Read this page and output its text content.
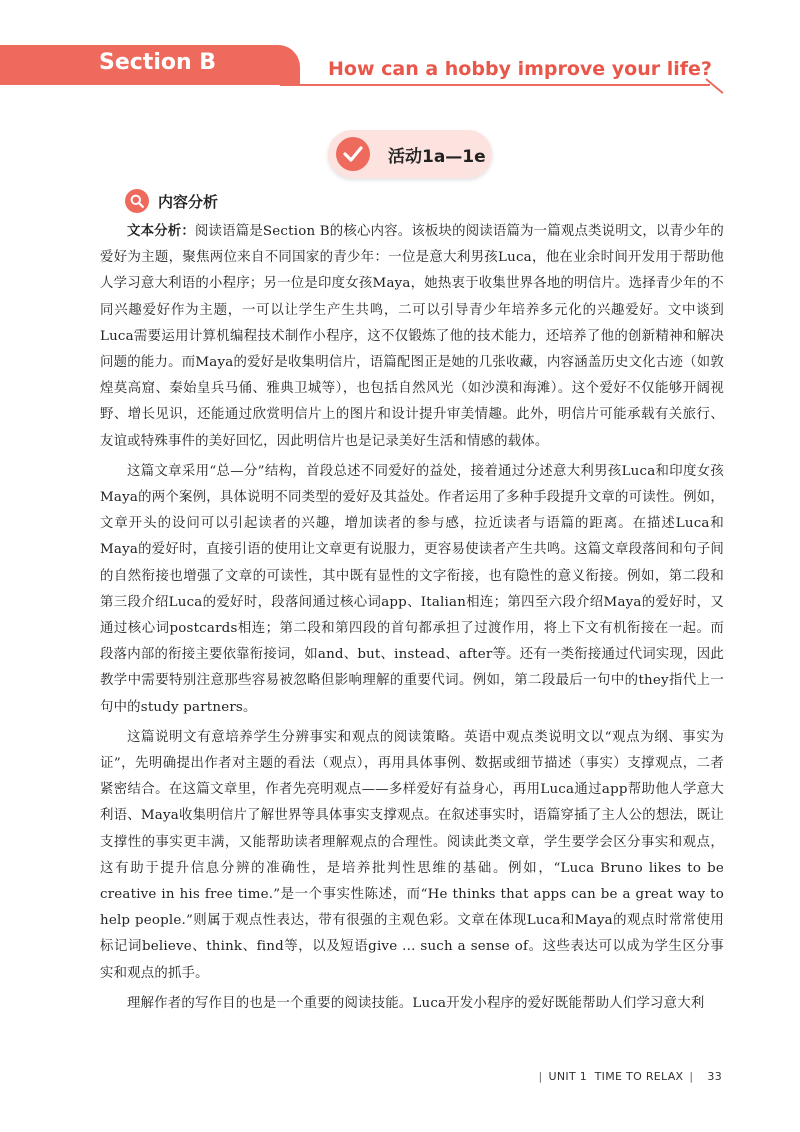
Section B	How can a hobby improve your life?
活动1a—1e
内容分析

文本分析：阅读语篇是Section B的核心内容。该板块的阅读语篇为一篇观点类说明文，以青少年的爱好为主题，聚焦两位来自不同国家的青少年：一位是意大利男孩Luca，他在业余时间开发用于帮助他人学习意大利语的小程序；另一位是印度女孩Maya，她热衷于收集世界各地的明信片。选择青少年的不同兴趣爱好作为主题，一可以让学生产生共鸣，二可以引导青少年培养多元化的兴趣爱好。文中谈到Luca需要运用计算机编程技术制作小程序，这不仅锻炼了他的技术能力，还培养了他的创新精神和解决问题的能力。而Maya的爱好是收集明信片，语篇配图正是她的几张收藏，内容涵盖历史文化古迹（如敦煌莫高窟、秦始皇兵马俑、雅典卫城等），也包括自然风光（如沙漠和海滩）。这个爱好不仅能够开阔视野、增长见识，还能通过欣赏明信片上的图片和设计提升审美情趣。此外，明信片可能承载有关旅行、友谊或特殊事件的美好回忆，因此明信片也是记录美好生活和情感的载体。

这篇文章采用“总—分”结构，首段总述不同爱好的益处，接着通过分述意大利男孩Luca和印度女孩Maya的两个案例，具体说明不同类型的爱好及其益处。作者运用了多种手段提升文章的可读性。例如，文章开头的设问可以引起读者的兴趣，增加读者的参与感，拉近读者与语篇的距离。在描述Luca和Maya的爱好时，直接引语的使用让文章更有说服力，更容易使读者产生共鸣。这篇文章段落间和句子间的自然衔接也增强了文章的可读性，其中既有显性的文字衔接，也有隐性的意义衔接。例如，第二段和第三段介绍Luca的爱好时，段落间通过核心词app、Italian相连；第四至六段介绍Maya的爱好时，又通过核心词postcards相连；第二段和第四段的首句都承担了过渡作用，将上下文有机衔接在一起。而段落内部的衔接主要依靠衔接词，如and、but、instead、after等。还有一类衔接通过代词实现，因此教学中需要特别注意那些容易被忽略但影响理解的重要代词。例如，第二段最后一句中的they指代上一句中的study partners。

这篇说明文有意培养学生分辨事实和观点的阅读策略。英语中观点类说明文以“观点为纲、事实为证”，先明确提出作者对主题的看法（观点），再用具体事例、数据或细节描述（事实）支撑观点，二者紧密结合。在这篇文章里，作者先亮明观点——多样爱好有益身心，再用Luca通过app帮助他人学意大利语、Maya收集明信片了解世界等具体事实支撑观点。在叙述事实时，语篇穿插了主人公的想法，既让支撑性的事实更丰满，又能帮助读者理解观点的合理性。阅读此类文章，学生要学会区分事实和观点，这有助于提升信息分辨的准确性，是培养批判性思维的基础。例如，“Luca Bruno likes to be creative in his free time.”是一个事实性陈述，而“He thinks that apps can be a great way to help people.”则属于观点性表达，带有很强的主观色彩。文章在体现Luca和Maya的观点时常常使用标记词believe、think、find等，以及短语give ... such a sense of。这些表达可以成为学生区分事实和观点的抓手。

理解作者的写作目的也是一个重要的阅读技能。Luca开发小程序的爱好既能帮助人们学习意大利

| UNIT 1 TIME TO RELAX | 33
